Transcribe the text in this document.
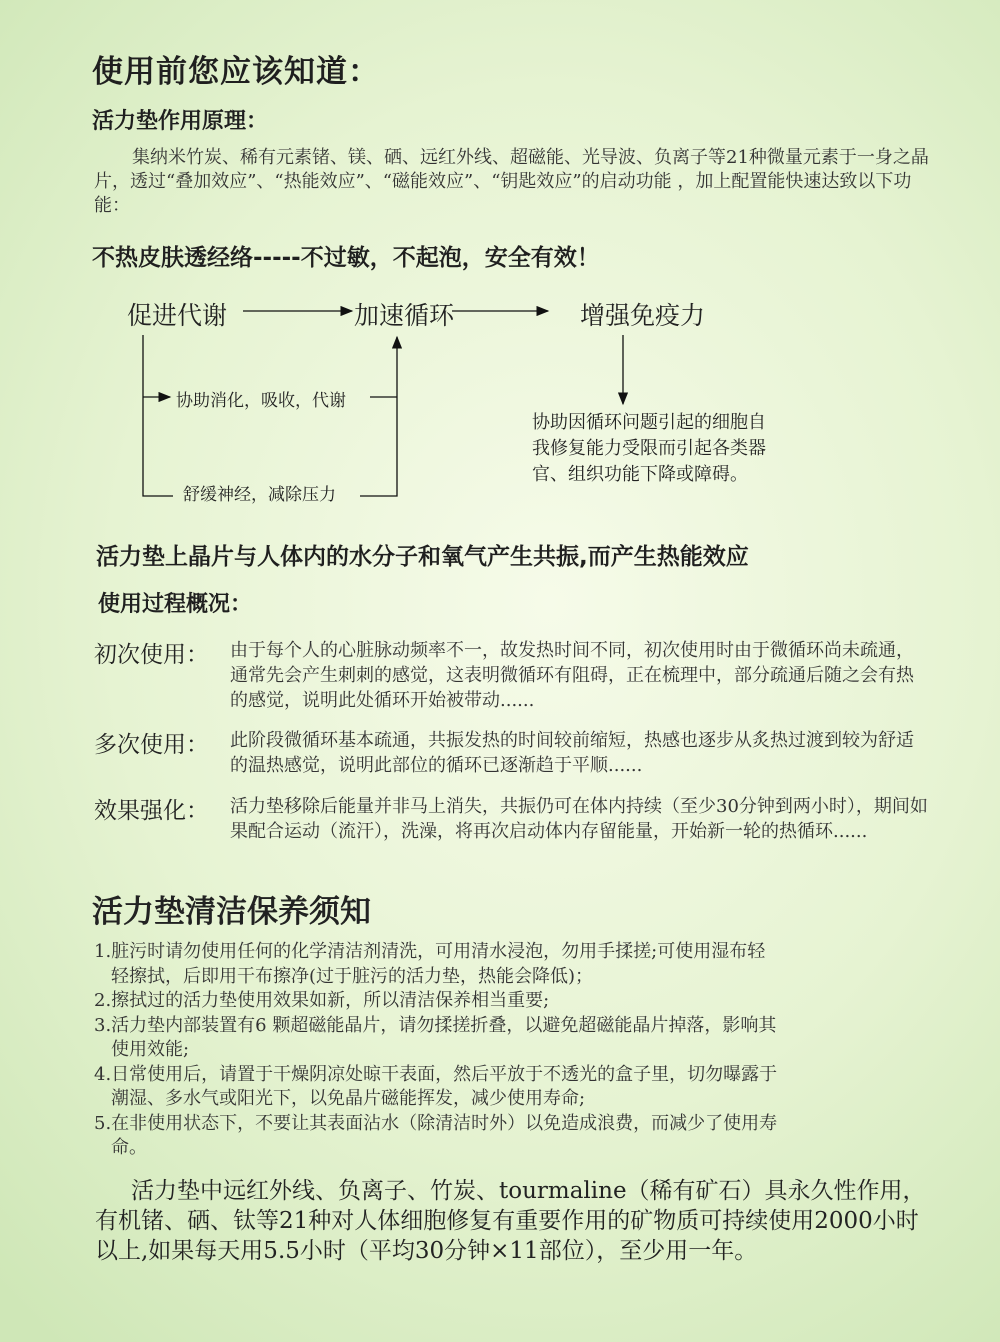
使用前您应该知道：
活力垫作用原理：

集纳米竹炭、稀有元素锗、镁、硒、远红外线、超磁能、光导波、负离子等21种微量元素于一身之晶片，透过“叠加效应”、“热能效应”、“磁能效应”、“钥匙效应”的启动功能 ，加上配置能快速达致以下功能：

不热皮肤透经络-----不过敏，不起泡，安全有效！
促进代谢	加速循环	增强免疫力
协助消化，吸收，代谢
舒缓神经，减除压力
协助因循环问题引起的细胞自我修复能力受限而引起各类器官、组织功能下降或障碍。
活力垫上晶片与人体内的水分子和氧气产生共振,而产生热能效应
使用过程概况：
初次使用： 由于每个人的心脏脉动频率不一，故发热时间不同，初次使用时由于微循环尚未疏通，通常先会产生刺刺的感觉，这表明微循环有阻碍，正在梳理中，部分疏通后随之会有热的感觉，说明此处循环开始被带动......
多次使用： 此阶段微循环基本疏通，共振发热的时间较前缩短，热感也逐步从炙热过渡到较为舒适的温热感觉，说明此部位的循环已逐渐趋于平顺......
效果强化： 活力垫移除后能量并非马上消失，共振仍可在体内持续（至少30分钟到两小时），期间如果配合运动（流汗），洗澡，将再次启动体内存留能量，开始新一轮的热循环......
活力垫清洁保养须知
1.脏污时请勿使用任何的化学清洁剂清洗，可用清水浸泡，勿用手揉搓;可使用湿布轻
轻擦拭，后即用干布擦净(过于脏污的活力垫，热能会降低)；
2.擦拭过的活力垫使用效果如新，所以清洁保养相当重要;
3.活力垫内部装置有6 颗超磁能晶片，请勿揉搓折叠，以避免超磁能晶片掉落，影响其
使用效能;
4.日常使用后，请置于干燥阴凉处晾干表面，然后平放于不透光的盒子里，切勿曝露于
潮湿、多水气或阳光下，以免晶片磁能挥发，减少使用寿命;
5.在非使用状态下，不要让其表面沾水（除清洁时外）以免造成浪费，而减少了使用寿
命。

活力垫中远红外线、负离子、竹炭、tourmaline（稀有矿石）具永久性作用，有机锗、硒、钛等21种对人体细胞修复有重要作用的矿物质可持续使用2000小时以上,如果每天用5.5小时（平均30分钟×11部位），至少用一年。
